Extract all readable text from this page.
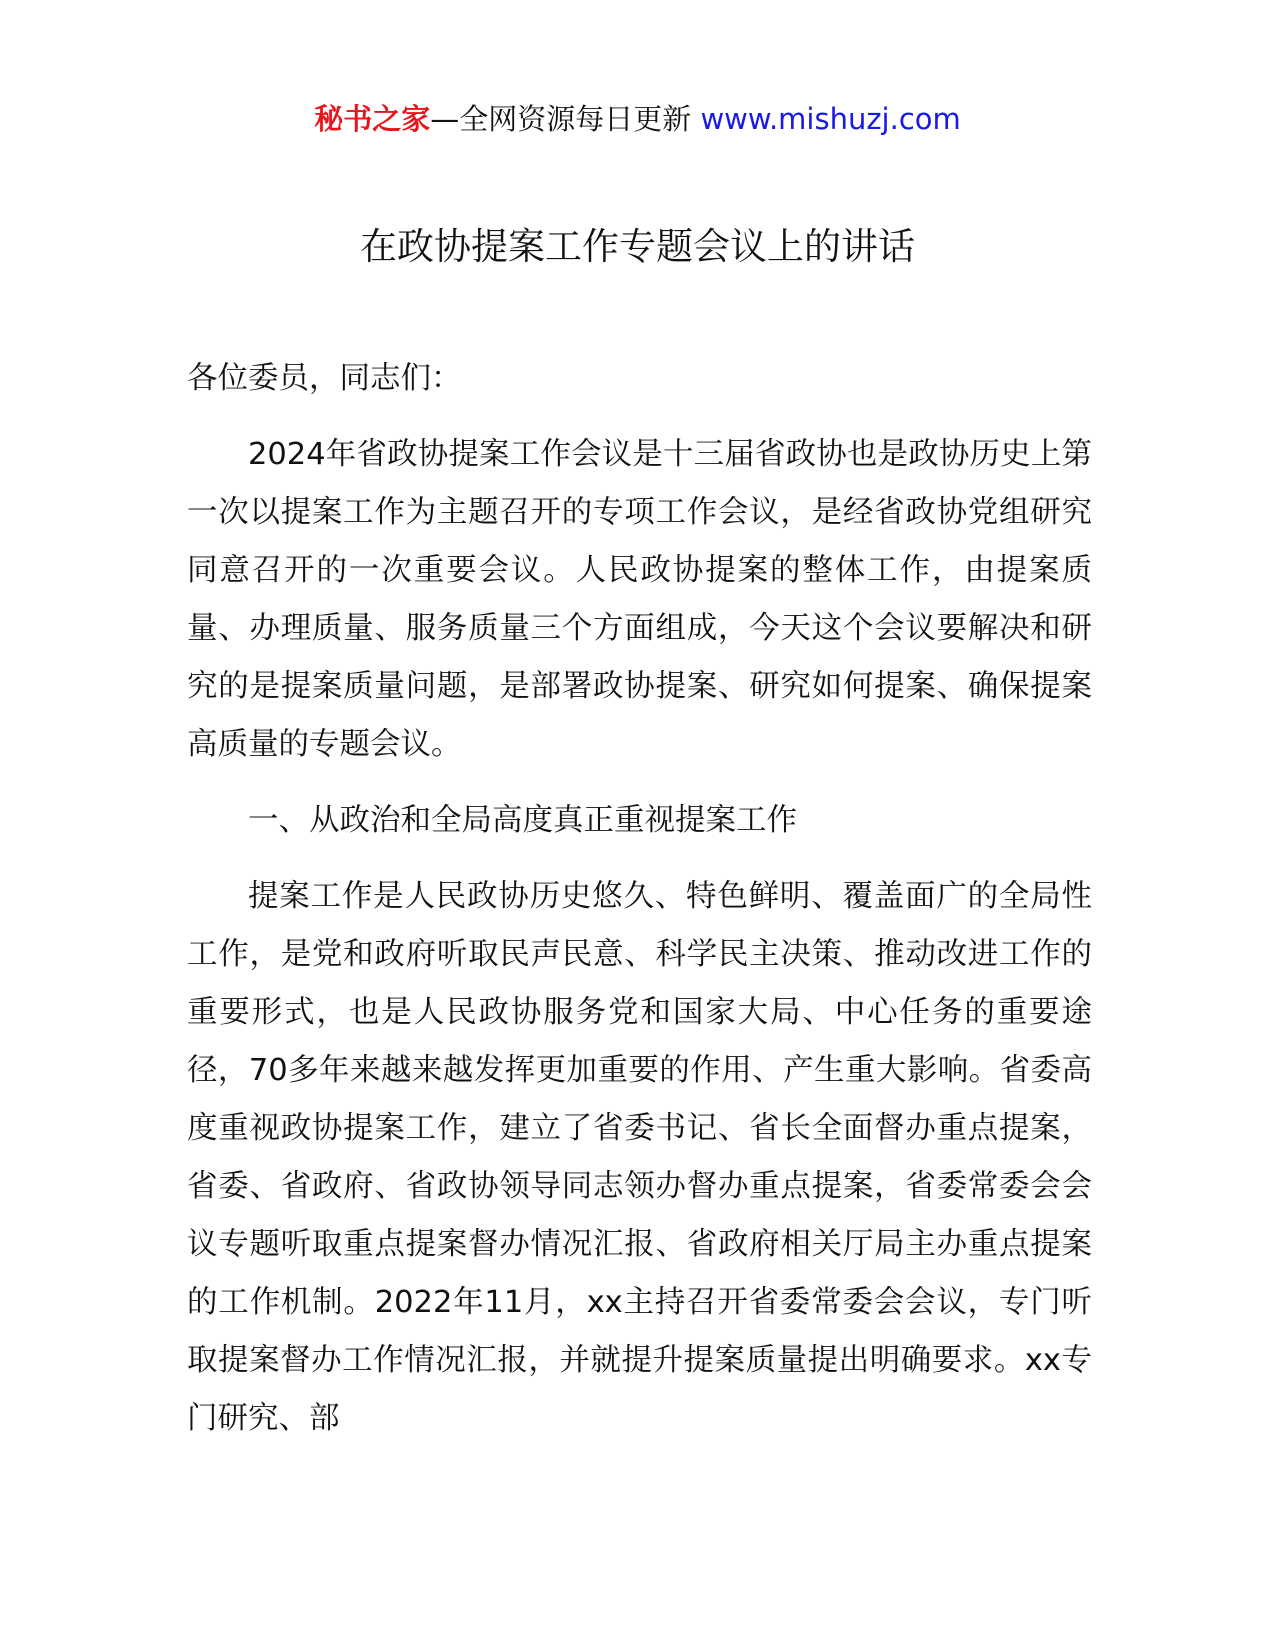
秘书之家—全网资源每日更新 www.mishuzj.com
在政协提案工作专题会议上的讲话

各位委员，同志们：

2024年省政协提案工作会议是十三届省政协也是政协历史上第一次以提案工作为主题召开的专项工作会议，是经省政协党组研究同意召开的一次重要会议。人民政协提案的整体工作，由提案质量、办理质量、服务质量三个方面组成，今天这个会议要解决和研究的是提案质量问题，是部署政协提案、研究如何提案、确保提案高质量的专题会议。

一、从政治和全局高度真正重视提案工作

提案工作是人民政协历史悠久、特色鲜明、覆盖面广的全局性工作，是党和政府听取民声民意、科学民主决策、推动改进工作的重要形式，也是人民政协服务党和国家大局、中心任务的重要途径，70多年来越来越发挥更加重要的作用、产生重大影响。省委高度重视政协提案工作，建立了省委书记、省长全面督办重点提案，省委、省政府、省政协领导同志领办督办重点提案，省委常委会会议专题听取重点提案督办情况汇报、省政府相关厅局主办重点提案的工作机制。2022年11月，xx主持召开省委常委会会议，专门听取提案督办工作情况汇报，并就提升提案质量提出明确要求。xx专门研究、部
